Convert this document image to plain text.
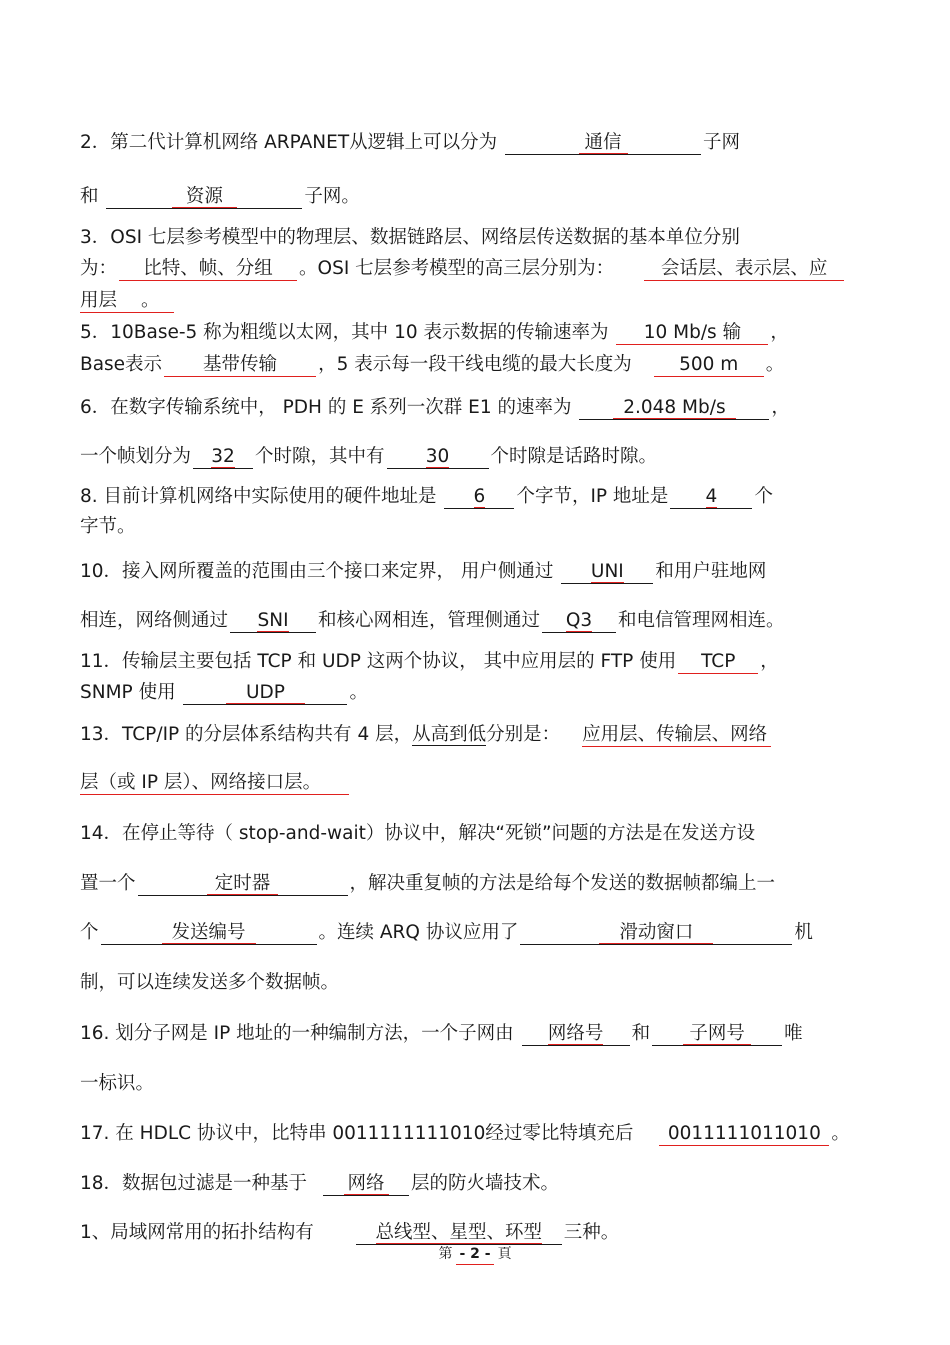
2．第二代计算机网络 ARPANET从逻辑上可以分为	通信	子网
和	资源	子网。
3．OSI 七层参考模型中的物理层、数据链路层、网络层传送数据的基本单位分别
为： 比特、帧、分组 。OSI 七层参考模型的高三层分别为：	会话层、表示层、应
用层 。
5．10Base-5 称为粗缆以太网，其中 10 表示数据的传输速率为 10 Mb/s 输 ，
Base表示 基带传输 ，5 表示每一段干线电缆的最大长度为	500 m 。
6．在数字传输系统中， PDH 的 E 系列一次群 E1 的速率为	2.048 Mb/s ，
一个帧划分为 32 个时隙，其中有 30 个时隙是话路时隙。
8. 目前计算机网络中实际使用的硬件地址是 6 个字节，IP 地址是 4 个
字节。
10．接入网所覆盖的范围由三个接口来定界， 用户侧通过 UNI 和用户驻地网
相连，网络侧通过 SNI 和核心网相连，管理侧通过 Q3 和电信管理网相连。
11．传输层主要包括 TCP 和 UDP 这两个协议， 其中应用层的 FTP 使用 TCP ，
SNMP 使用	UDP	。
13．TCP/IP 的分层体系结构共有 4 层，从高到低分别是： 应用层、传输层、网络
层（或 IP 层）、网络接口层。
14．在停止等待（ stop-and-wait）协议中，解决“死锁”问题的方法是在发送方设
置一个	定时器	，解决重复帧的方法是给每个发送的数据帧都编上一
个	发送编号	。连续 ARQ 协议应用了	滑动窗口	机
制，可以连续发送多个数据帧。
16. 划分子网是 IP 地址的一种编制方法，一个子网由 网络号 和 子网号 唯
一标识。
17. 在 HDLC 协议中，比特串 0011111111010经过零比特填充后 0011111011010 。
18．数据包过滤是一种基于 网络 层的防火墙技术。
1、局域网常用的拓扑结构有	总线型、星型、环型 三种。
第 - 2 - 頁
